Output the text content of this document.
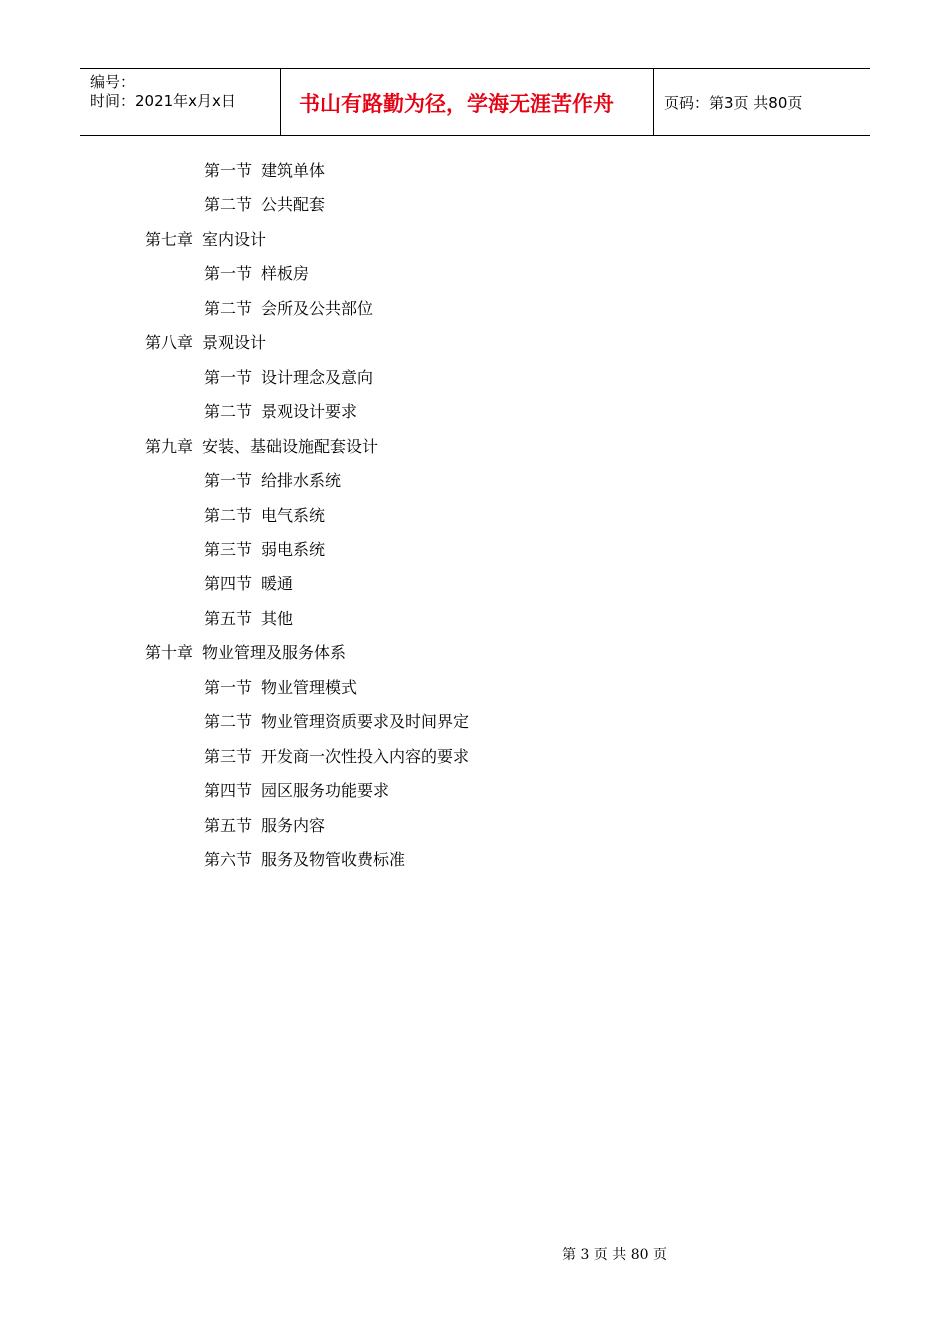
编号：
时间：2021年x月x日	书山有路勤为径，学海无涯苦作舟	页码：第3页 共80页
第一节 建筑单体
第二节 公共配套
第七章 室内设计
第一节 样板房
第二节 会所及公共部位
第八章 景观设计
第一节 设计理念及意向
第二节 景观设计要求
第九章 安装、基础设施配套设计
第一节 给排水系统
第二节 电气系统
第三节 弱电系统
第四节 暖通
第五节 其他
第十章 物业管理及服务体系
第一节 物业管理模式
第二节 物业管理资质要求及时间界定
第三节 开发商一次性投入内容的要求
第四节 园区服务功能要求
第五节 服务内容
第六节 服务及物管收费标准
第 3 页 共 80 页
